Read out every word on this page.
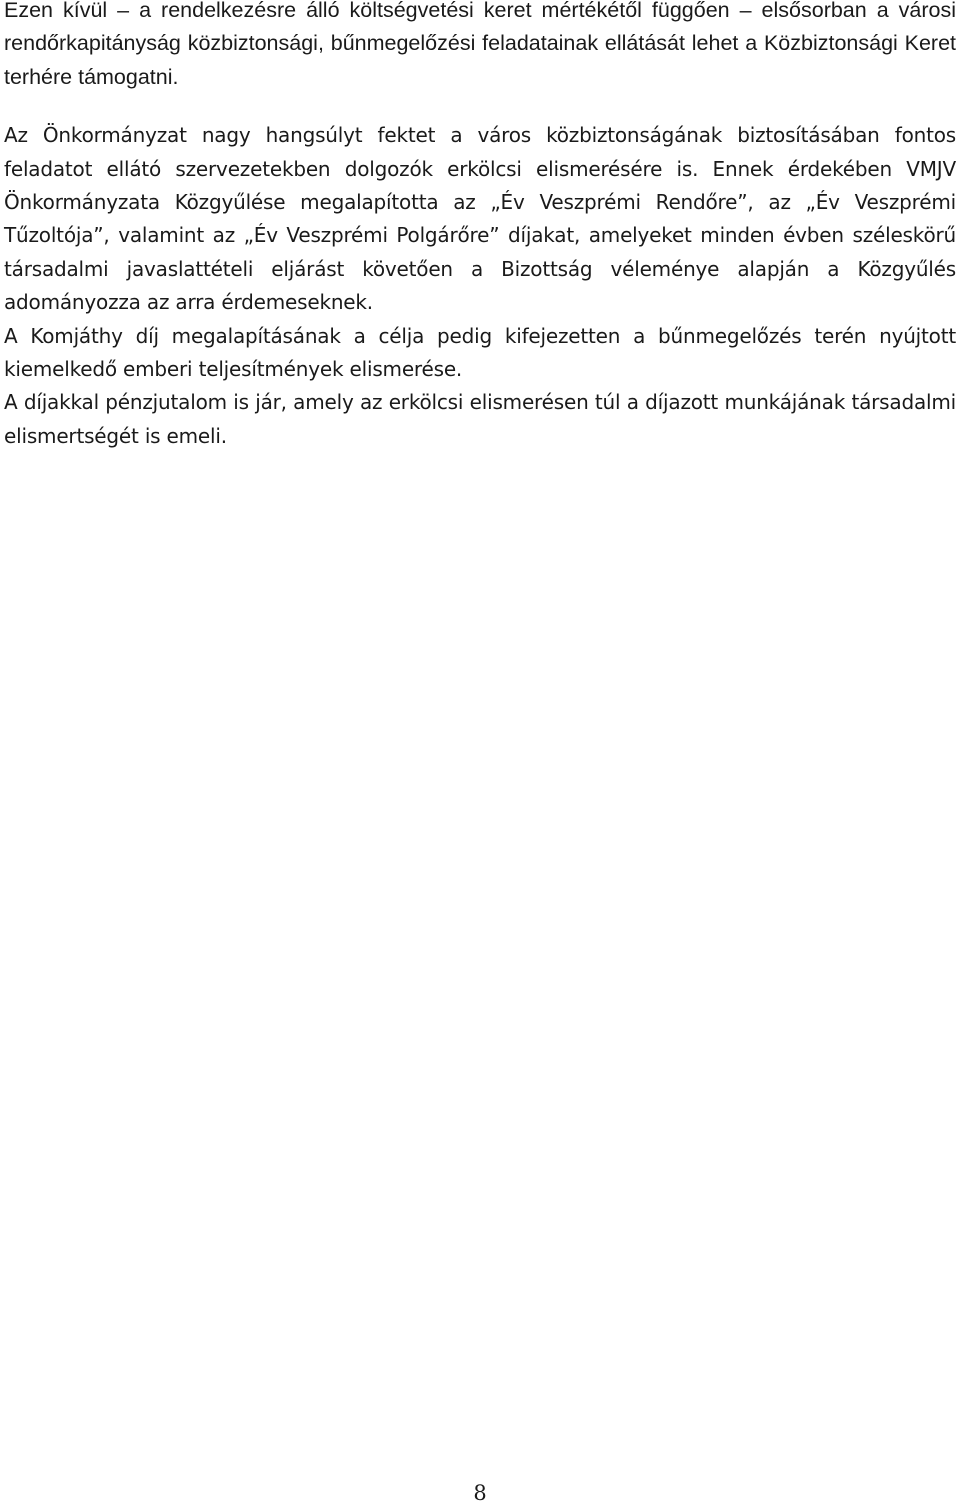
Ezen kívül – a rendelkezésre álló költségvetési keret mértékétől függően – elsősorban a városi rendőrkapitányság közbiztonsági, bűnmegelőzési feladatainak ellátását lehet a Közbiztonsági Keret terhére támogatni.

Az Önkormányzat nagy hangsúlyt fektet a város közbiztonságának biztosításában fontos feladatot ellátó szervezetekben dolgozók erkölcsi elismerésére is. Ennek érdekében VMJV Önkormányzata Közgyűlése megalapította az „Év Veszprémi Rendőre”, az „Év Veszprémi Tűzoltója”, valamint az „Év Veszprémi Polgárőre” díjakat, amelyeket minden évben széleskörű társadalmi javaslattételi eljárást követően a Bizottság véleménye alapján a Közgyűlés adományozza az arra érdemeseknek.

A Komjáthy díj megalapításának a célja pedig kifejezetten a bűnmegelőzés terén nyújtott kiemelkedő emberi teljesítmények elismerése.

A díjakkal pénzjutalom is jár, amely az erkölcsi elismerésen túl a díjazott munkájának társadalmi elismertségét is emeli.

8
